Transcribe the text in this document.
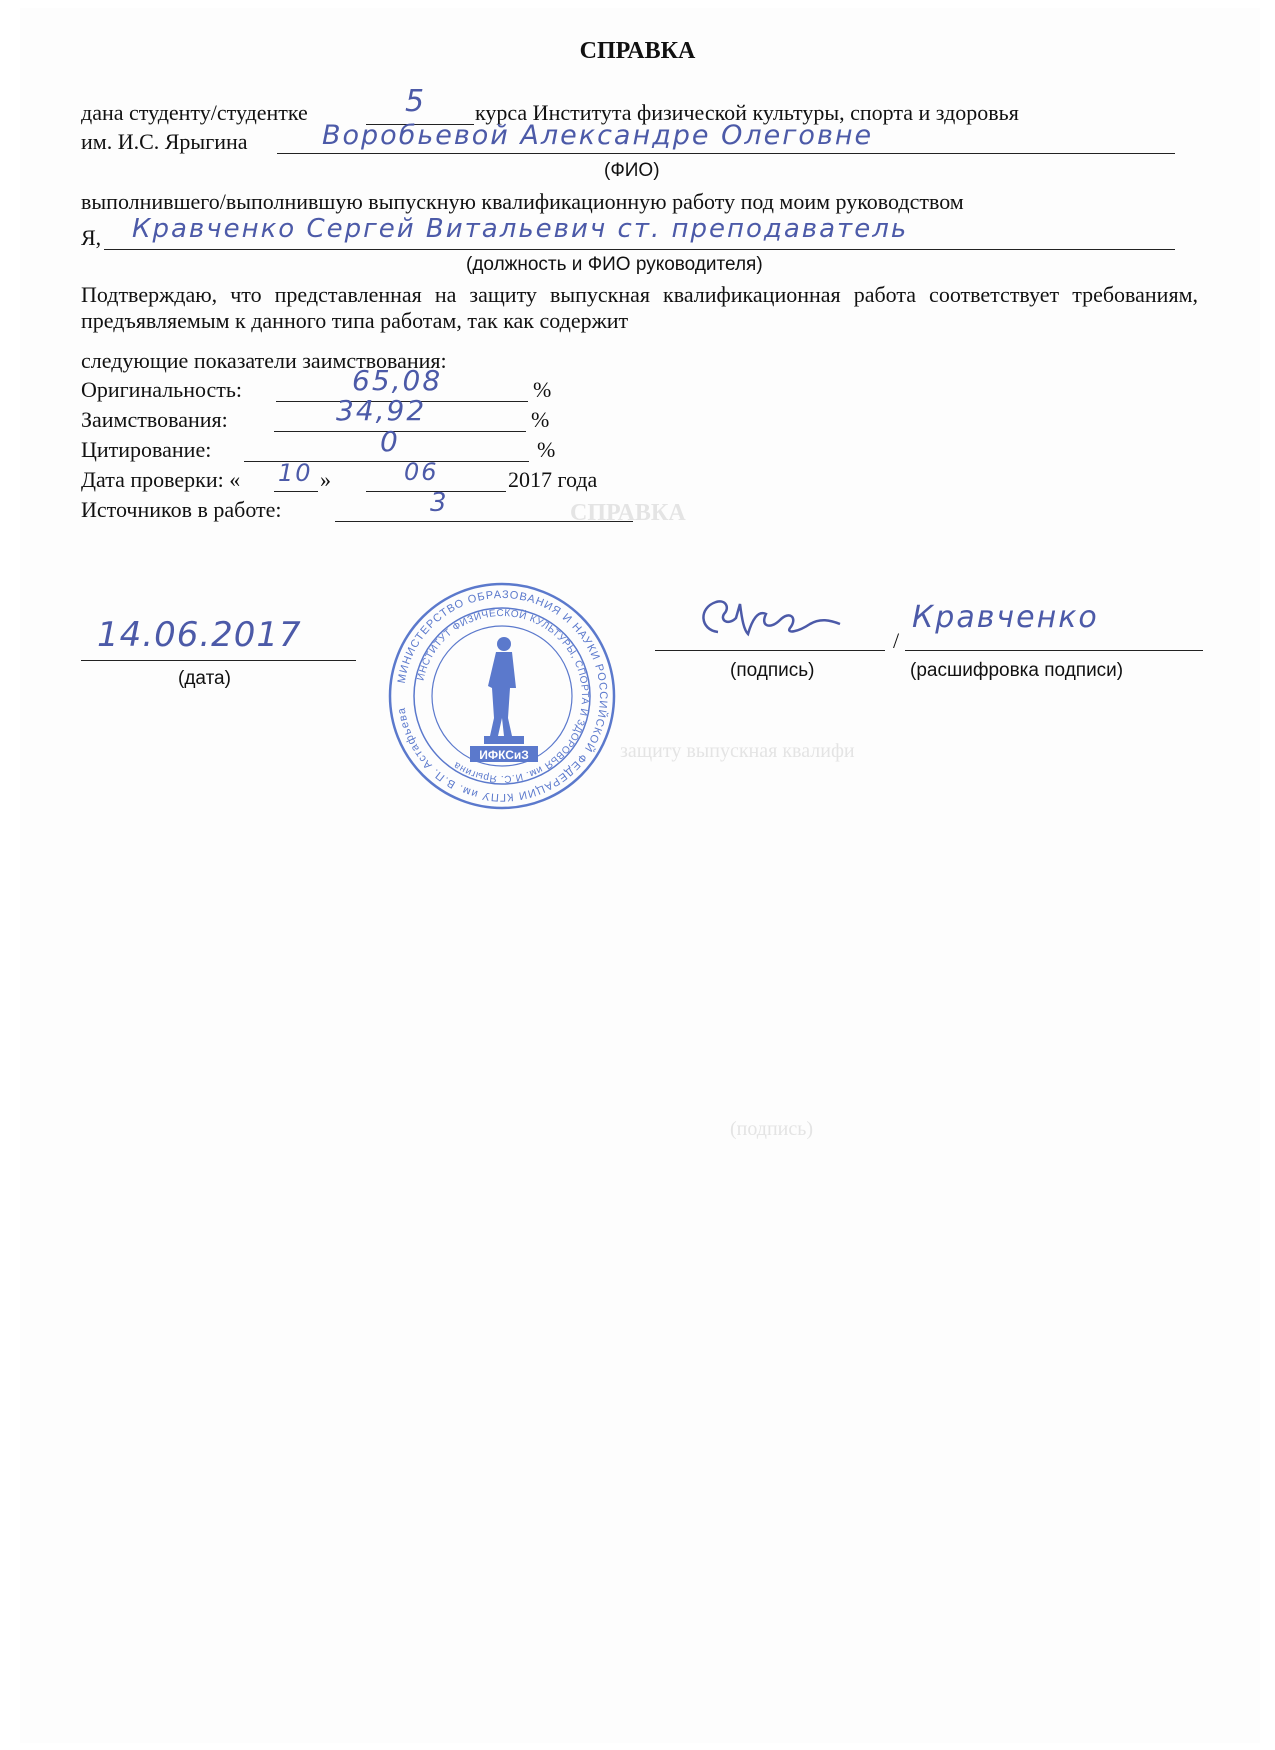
СПРАВКА
дана студенту/студентке	5 курса Института физической культуры, спорта и здоровья
им. И.С. Ярыгина	Воробьевой Александре Олеговне
(ФИО)
выполнившего/выполнившую выпускную квалификационную работу под моим руководством
Я, Кравченко Сергей Витальевич ст. преподаватель
(должность и ФИО руководителя)
Подтверждаю, что представленная на защиту выпускная квалификационная работа соответствует требованиям, предъявляемым к данного типа работам, так как содержит
следующие показатели заимствования:
Оригинальность:	65,08	%
Заимствования:	34,92	%
Цитирование:	0	%
Дата проверки: « 10 »	06	2017 года
Источников в работе:	3	СПРАВКА
защиту выпускная квалифи
(подпись)
14.06.2017
(дата)	(подпись)
/
Кравченко
(расшифровка подписи)
МИНИСТЕРСТВО ОБРАЗОВАНИЯ И НАУКИ РОССИЙСКОЙ ФЕДЕРАЦИИ КГПУ им. В.П. Астафьева
ИНСТИТУТ ФИЗИЧЕСКОЙ КУЛЬТУРЫ, СПОРТА И ЗДОРОВЬЯ им. И.С. Ярыгина
ИФКСиЗ
